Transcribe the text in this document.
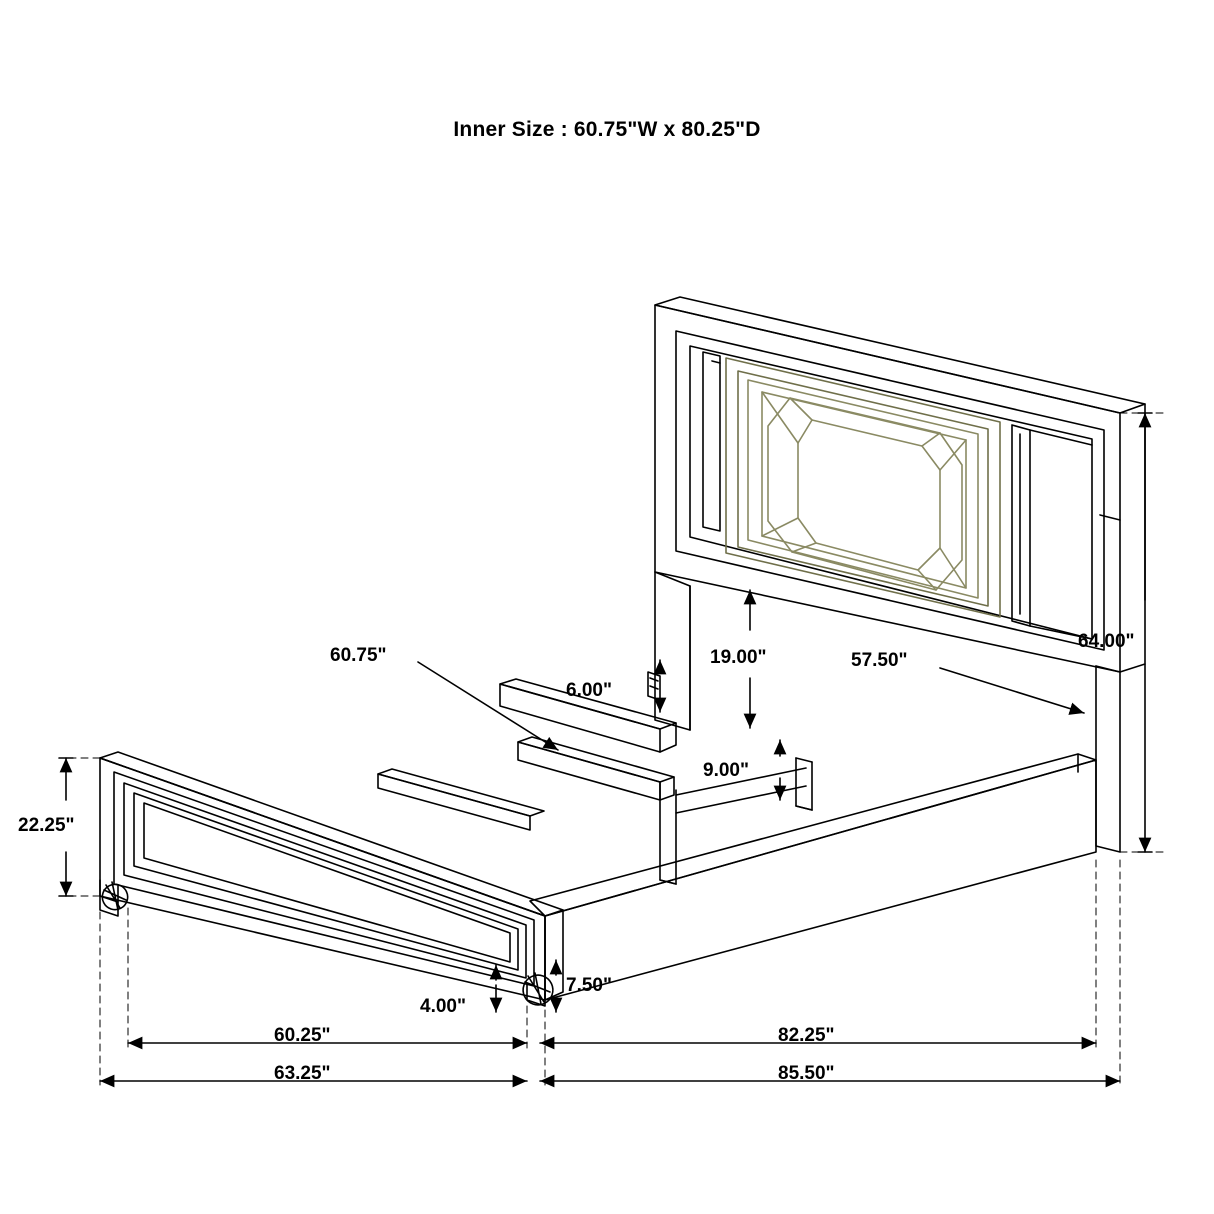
Inner Size : 60.75"W x 80.25"D
64.00"
57.50"
19.00"
60.75"
6.00"
9.00"
22.25"
7.50"
4.00"
60.25"	82.25"
63.25"	85.50"
